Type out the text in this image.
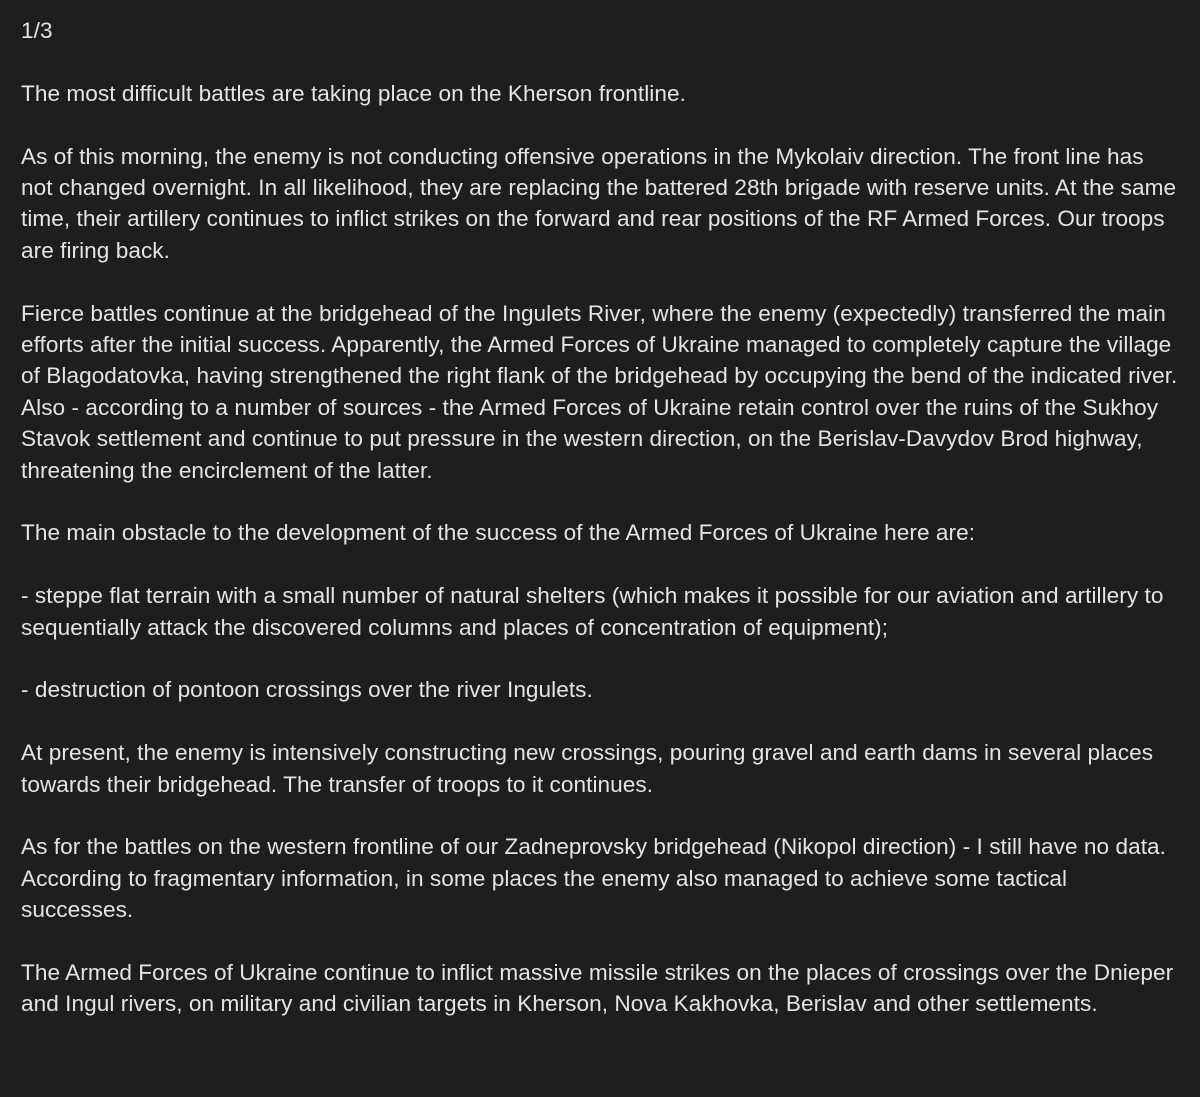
1/3

The most difficult battles are taking place on the Kherson frontline.

As of this morning, the enemy is not conducting offensive operations in the Mykolaiv direction. The front line has not changed overnight. In all likelihood, they are replacing the battered 28th brigade with reserve units. At the same time, their artillery continues to inflict strikes on the forward and rear positions of the RF Armed Forces. Our troops are firing back.

Fierce battles continue at the bridgehead of the Ingulets River, where the enemy (expectedly) transferred the main efforts after the initial success. Apparently, the Armed Forces of Ukraine managed to completely capture the village of Blagodatovka, having strengthened the right flank of the bridgehead by occupying the bend of the indicated river. Also - according to a number of sources - the Armed Forces of Ukraine retain control over the ruins of the Sukhoy Stavok settlement and continue to put pressure in the western direction, on the Berislav-Davydov Brod highway, threatening the encirclement of the latter.

The main obstacle to the development of the success of the Armed Forces of Ukraine here are:

- steppe flat terrain with a small number of natural shelters (which makes it possible for our aviation and artillery to sequentially attack the discovered columns and places of concentration of equipment);

- destruction of pontoon crossings over the river Ingulets.

At present, the enemy is intensively constructing new crossings, pouring gravel and earth dams in several places towards their bridgehead. The transfer of troops to it continues.

As for the battles on the western frontline of our Zadneprovsky bridgehead (Nikopol direction) - I still have no data. According to fragmentary information, in some places the enemy also managed to achieve some tactical successes.

The Armed Forces of Ukraine continue to inflict massive missile strikes on the places of crossings over the Dnieper and Ingul rivers, on military and civilian targets in Kherson, Nova Kakhovka, Berislav and other settlements.
